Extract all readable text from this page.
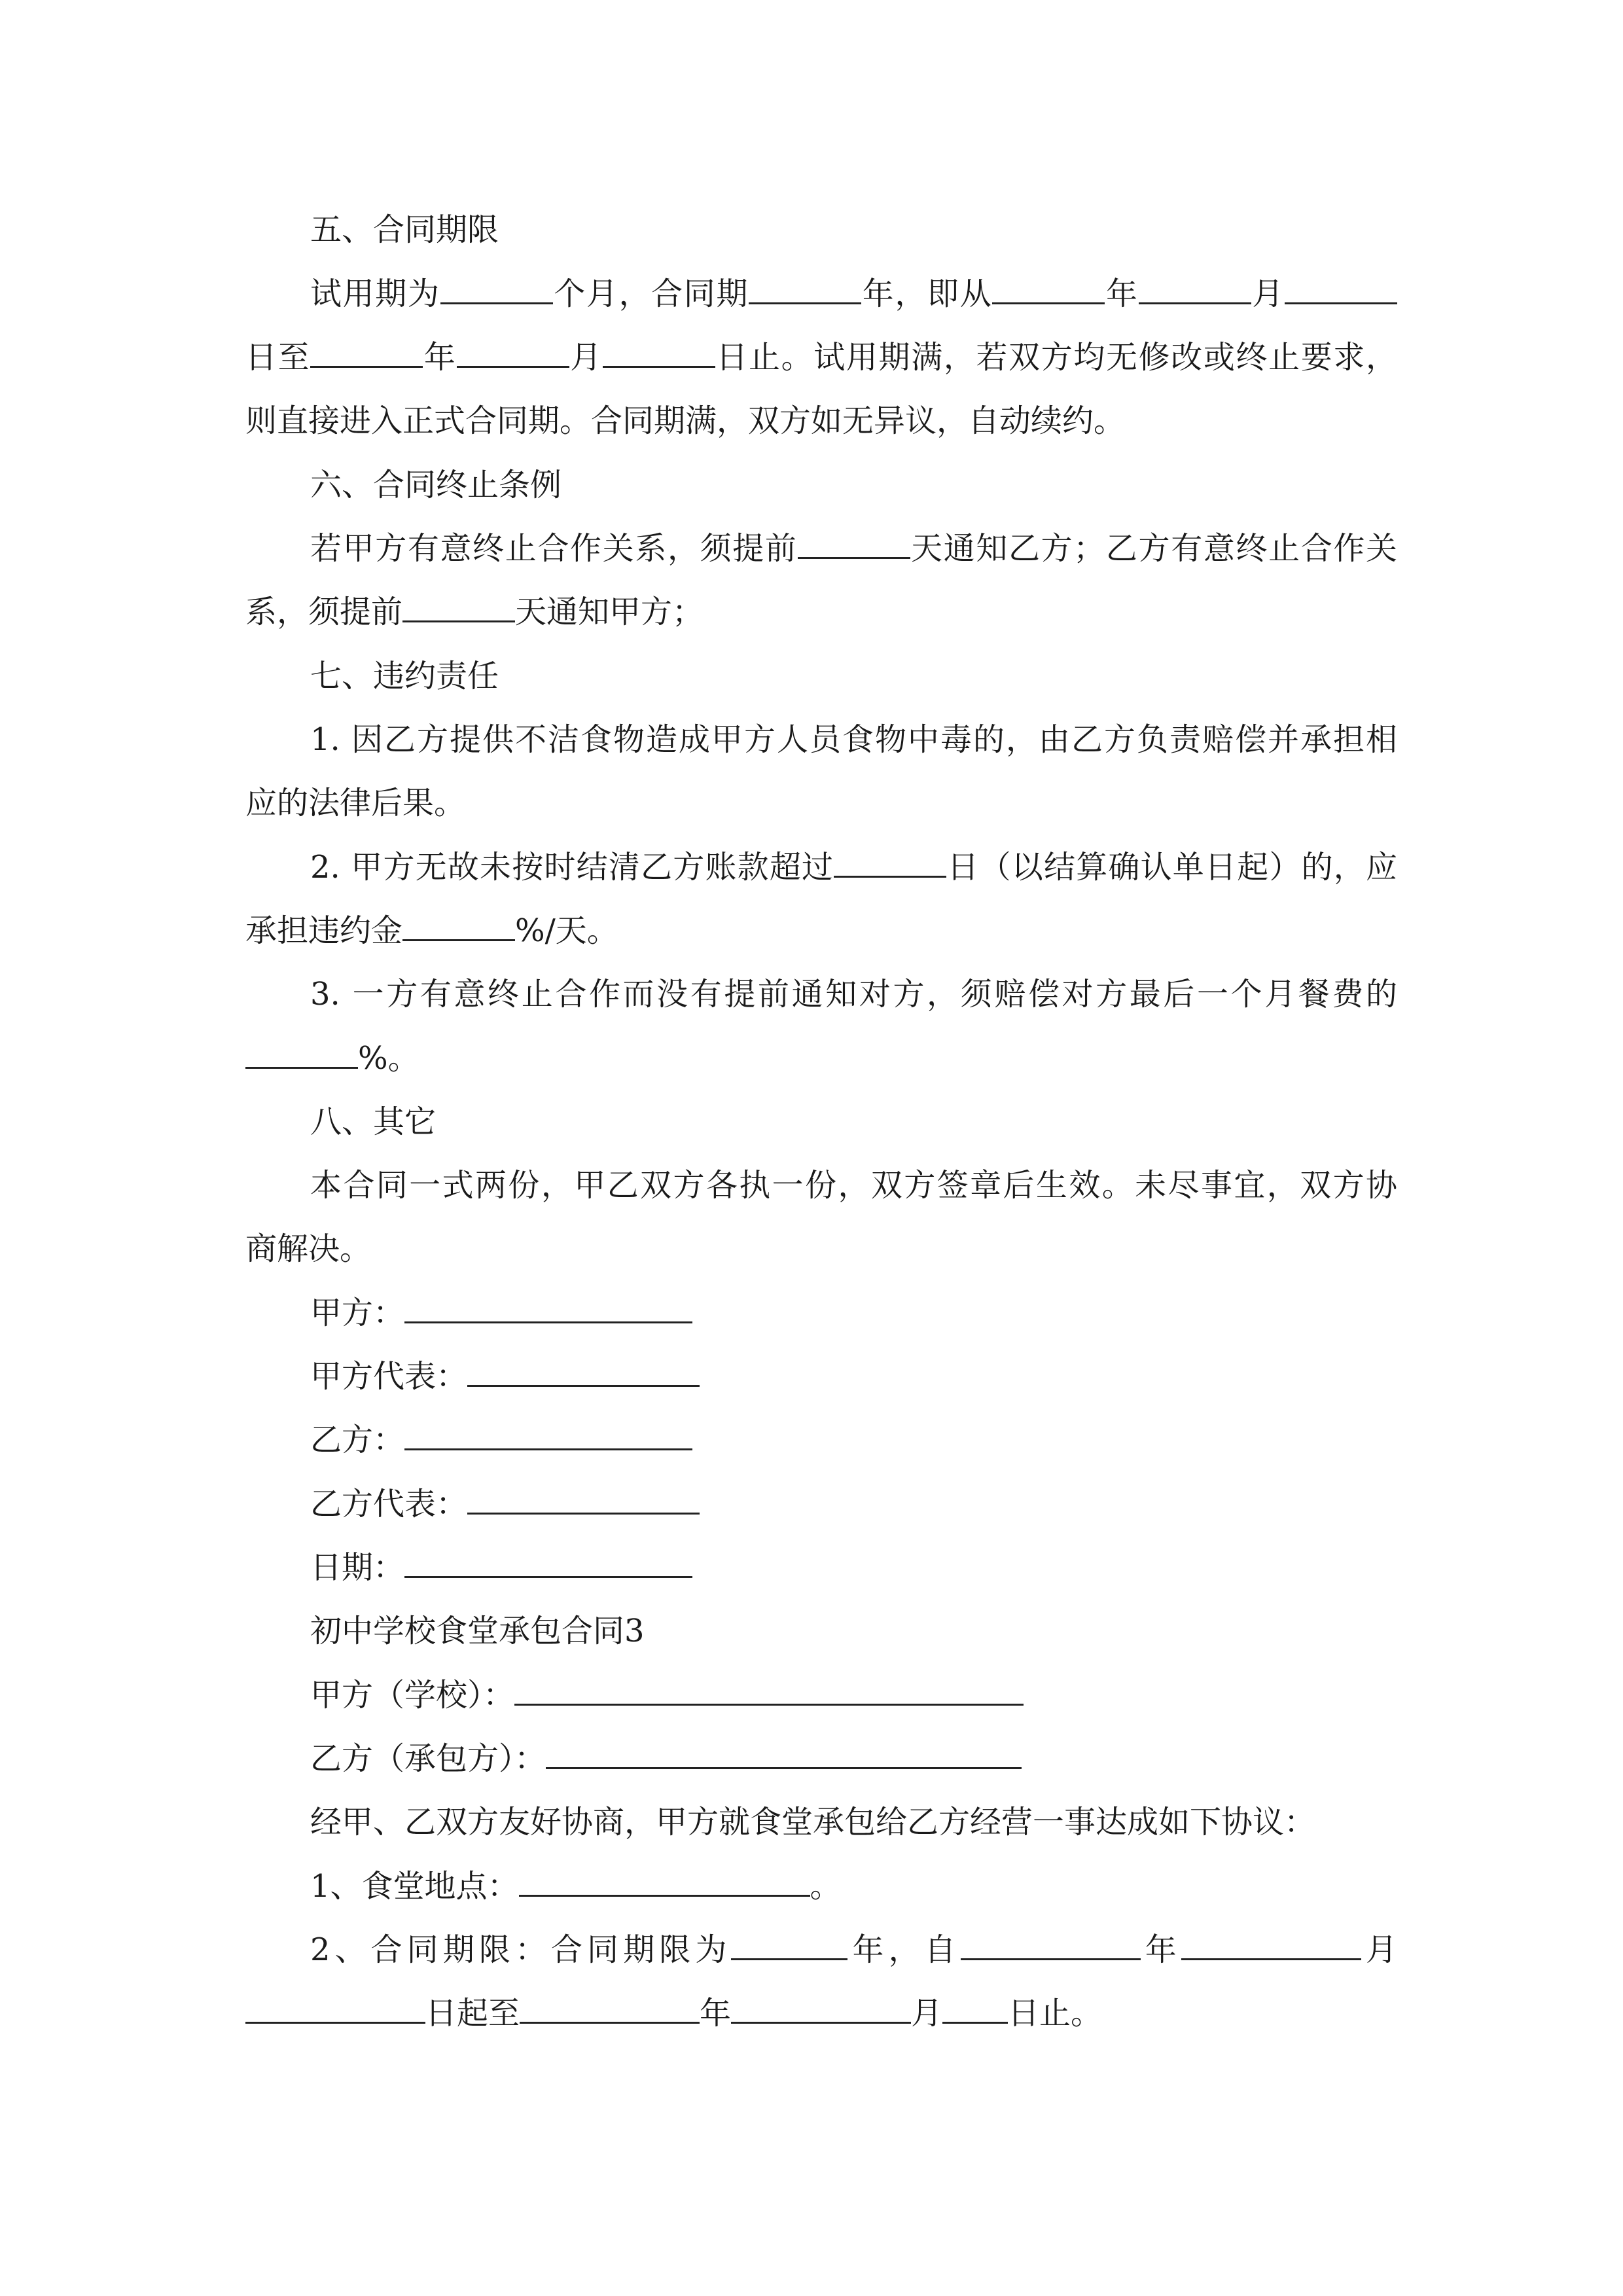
五、合同期限
试用期为	个月，合同期	年，即从	年	月
日至	年	月	日止。试用期满，若双方均无修改或终止要求，
则直接进入正式合同期。合同期满，双方如无异议，自动续约。
六、合同终止条例
若甲方有意终止合作关系，须提前	天通知乙方；乙方有意终止合作关
系，须提前	天通知甲方；
七、违约责任
1. 因乙方提供不洁食物造成甲方人员食物中毒的，由乙方负责赔偿并承担相
应的法律后果。
2. 甲方无故未按时结清乙方账款超过	日（以结算确认单日起）的，应
承担违约金	%/天。
3. 一方有意终止合作而没有提前通知对方，须赔偿对方最后一个月餐费的
%。
八、其它
本合同一式两份，甲乙双方各执一份，双方签章后生效。未尽事宜，双方协
商解决。
甲方：
甲方代表：
乙方：
乙方代表：
日期：
初中学校食堂承包合同3
甲方（学校）：
乙方（承包方）：
经甲、乙双方友好协商，甲方就食堂承包给乙方经营一事达成如下协议：
1、食堂地点：	。
2、合同期限：合同期限为	年，自	年	月
日起至	年	月 日止。
